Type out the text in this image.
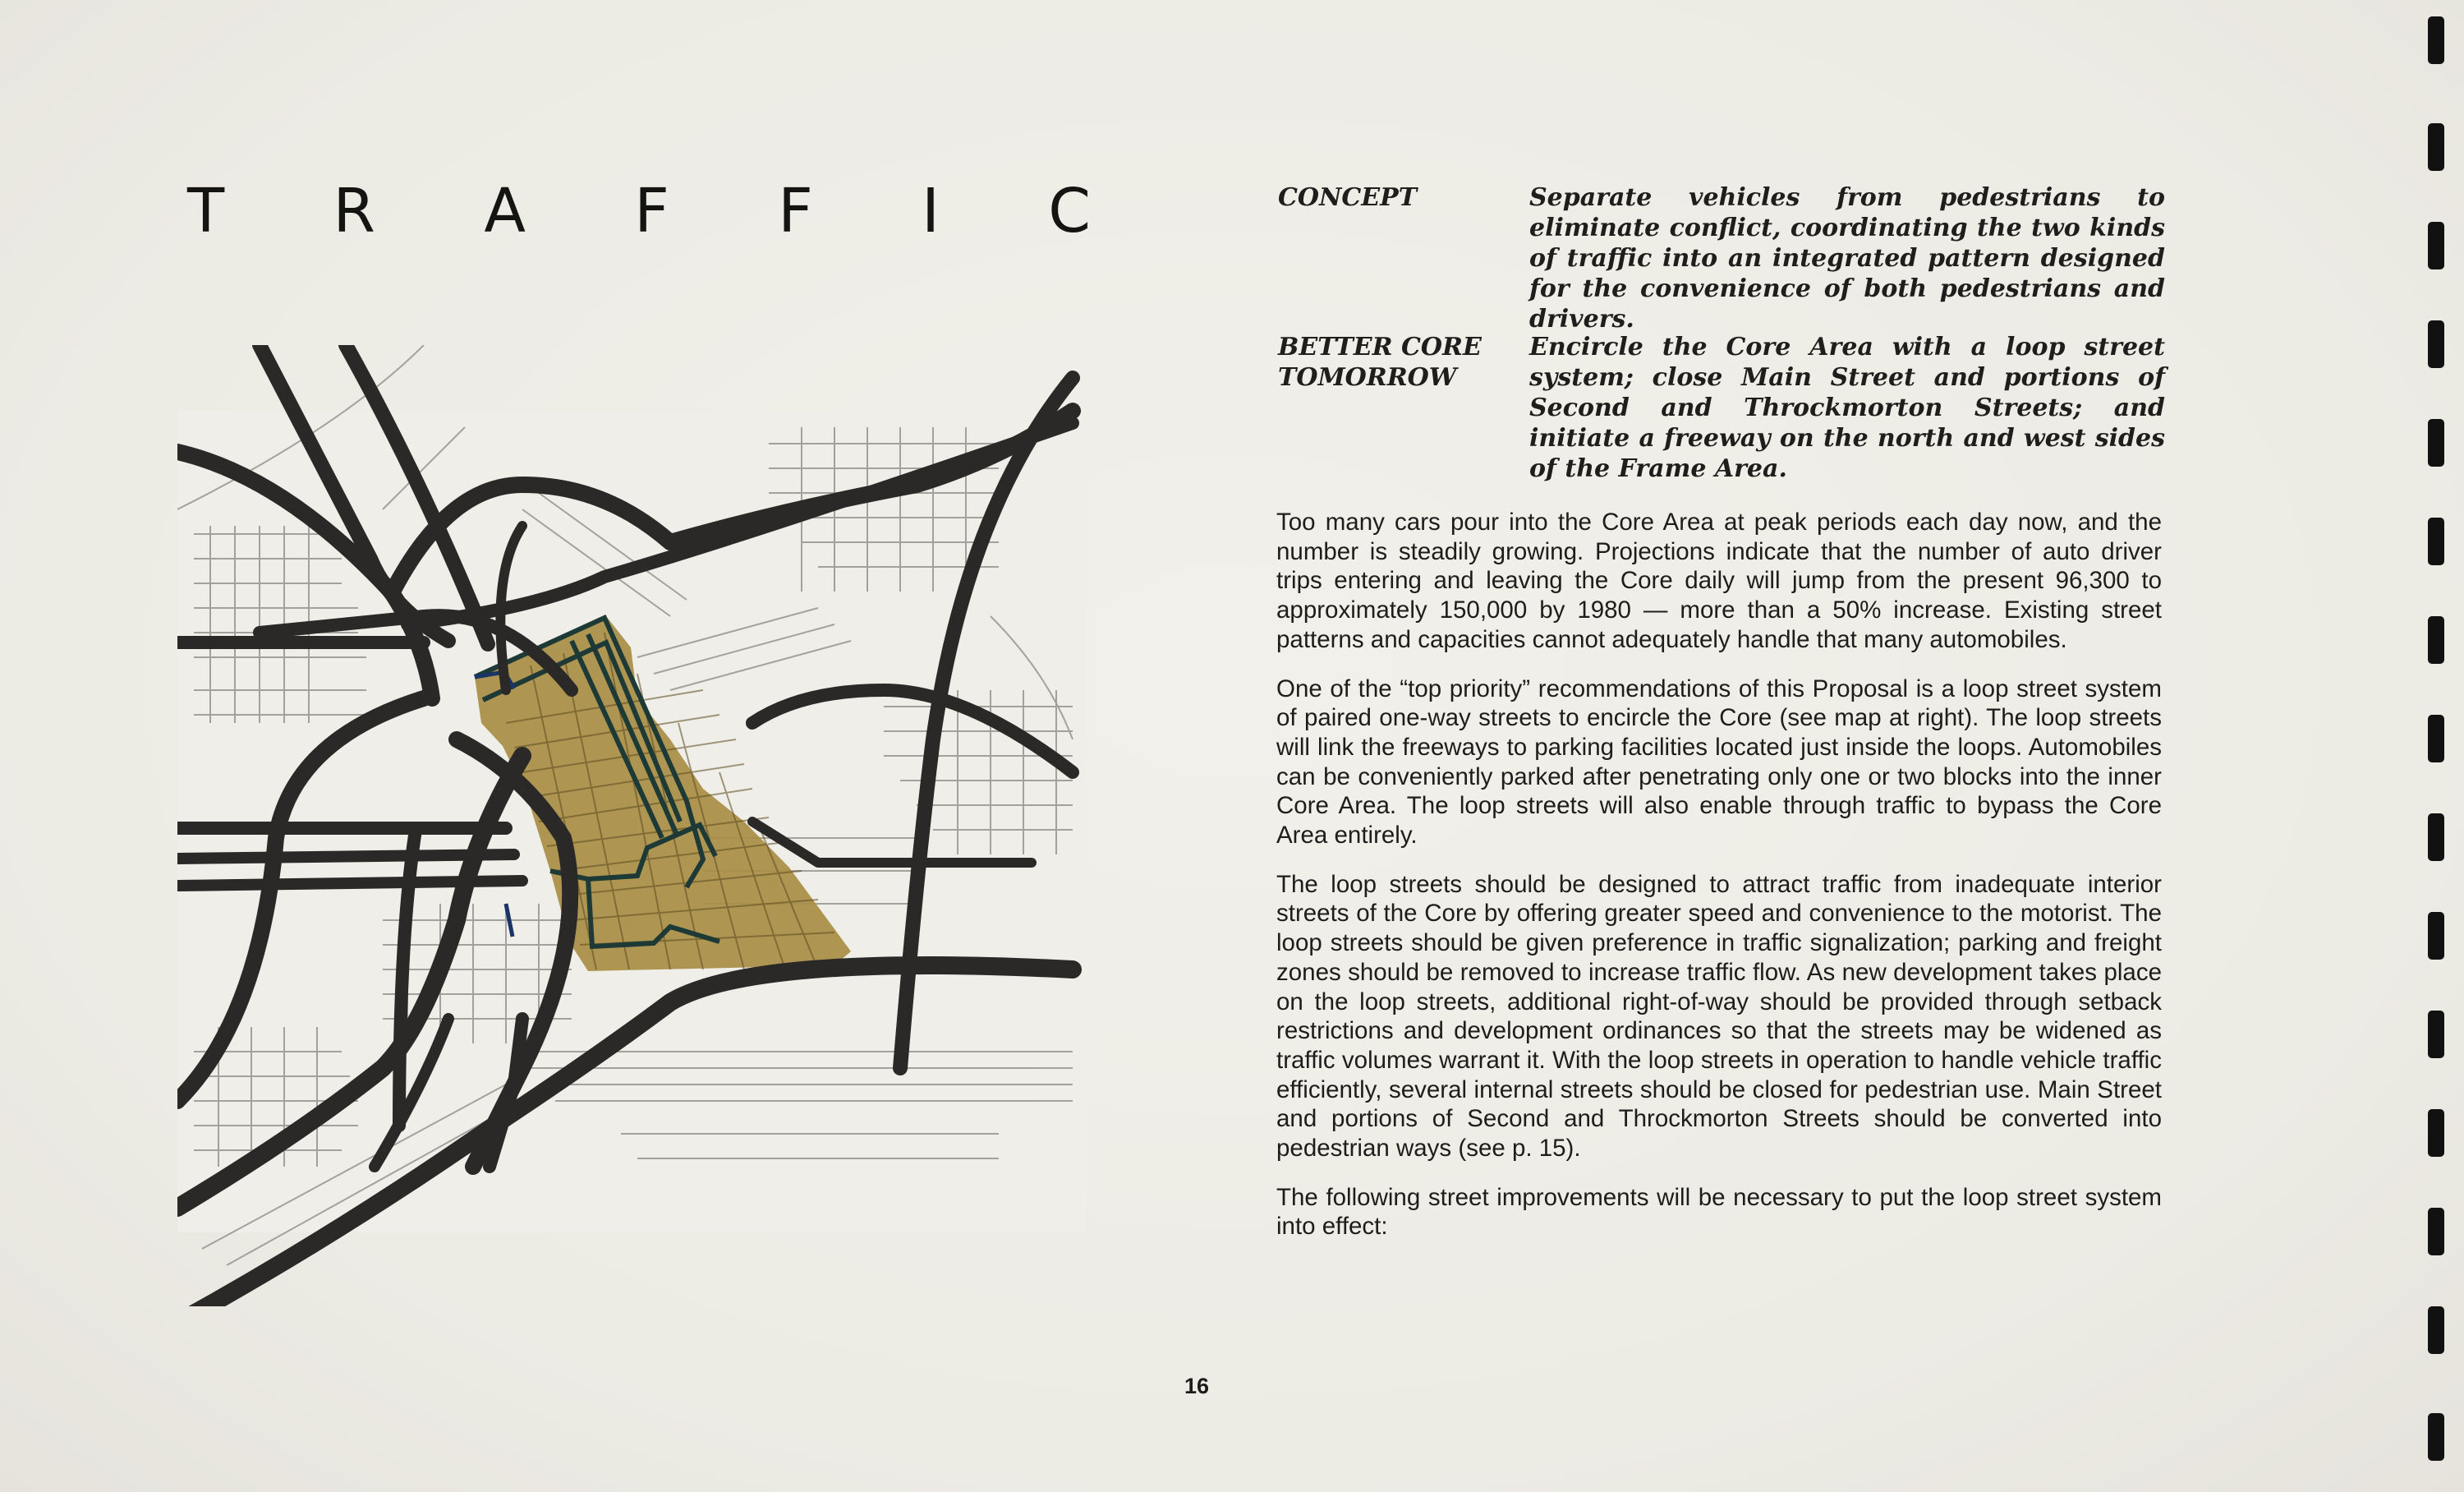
T R A F F I C	CONCEPT	Separate vehicles from pedestrians to eliminate conflict, coordinating the two kinds of traffic into an integrated pattern designed for the convenience of both pedestrians and drivers.
BETTER CORE
TOMORROW
Encircle the Core Area with a loop street system; close Main Street and portions of Second and Throckmorton Streets; and initiate a freeway on the north and west sides of the Frame Area.

Too many cars pour into the Core Area at peak periods each day now, and the number is steadily growing. Projections indicate that the number of auto driver trips entering and leaving the Core daily will jump from the present 96,300 to approximately 150,000 by 1980 — more than a 50% increase. Existing street patterns and capacities cannot adequately handle that many automobiles.

One of the “top priority” recommendations of this Proposal is a loop street system of paired one-way streets to encircle the Core (see map at right). The loop streets will link the freeways to parking facilities located just inside the loops. Automobiles can be conveniently parked after penetrating only one or two blocks into the inner Core Area. The loop streets will also enable through traffic to bypass the Core Area entirely.

The loop streets should be designed to attract traffic from inadequate interior streets of the Core by offering greater speed and convenience to the motorist. The loop streets should be given preference in traffic signalization; parking and freight zones should be removed to increase traffic flow. As new development takes place on the loop streets, additional right-of-way should be provided through setback restrictions and development ordinances so that the streets may be widened as traffic volumes warrant it. With the loop streets in operation to handle vehicle traffic efficiently, several internal streets should be closed for pedestrian use. Main Street and portions of Second and Throckmorton Streets should be converted into pedestrian ways (see p. 15).

The following street improvements will be necessary to put the loop street system into effect:

16
